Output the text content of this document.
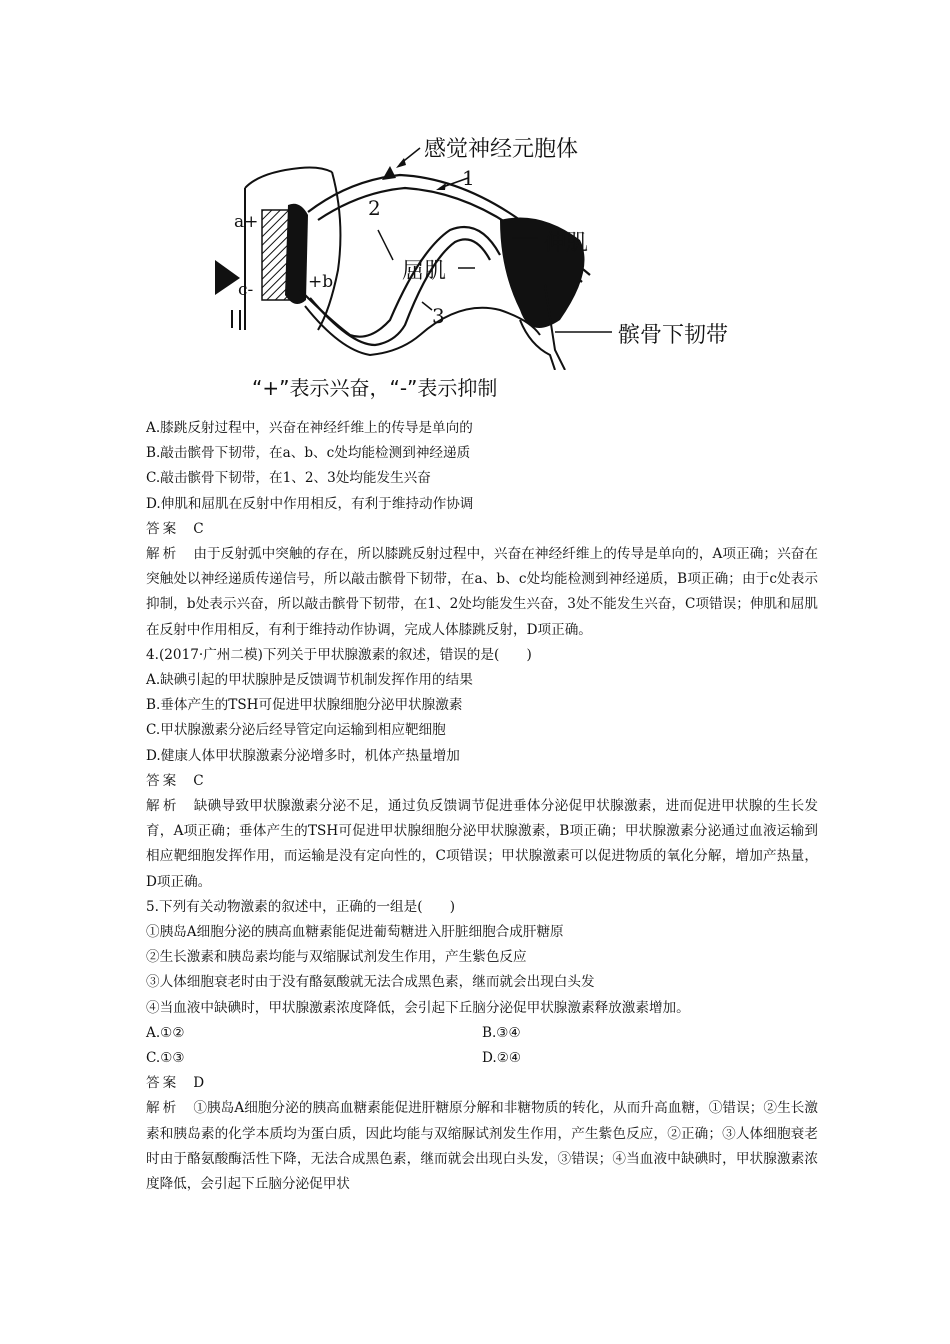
感觉神经元胞体
1
2
3
伸肌
屈肌
髌骨下韧带
a+
+b
c-
“+”表示兴奋，“-”表示抑制
A.膝跳反射过程中，兴奋在神经纤维上的传导是单向的
B.敲击髌骨下韧带，在a、b、c处均能检测到神经递质
C.敲击髌骨下韧带，在1、2、3处均能发生兴奋
D.伸肌和屈肌在反射中作用相反，有利于维持动作协调
答案 C
解析 由于反射弧中突触的存在，所以膝跳反射过程中，兴奋在神经纤维上的传导是单向的，A项正确；兴奋在突触处以神经递质传递信号，所以敲击髌骨下韧带，在a、b、c处均能检测到神经递质，B项正确；由于c处表示抑制，b处表示兴奋，所以敲击髌骨下韧带，在1、2处均能发生兴奋，3处不能发生兴奋，C项错误；伸肌和屈肌在反射中作用相反，有利于维持动作协调，完成人体膝跳反射，D项正确。
4.(2017·广州二模)下列关于甲状腺激素的叙述，错误的是(　　)
A.缺碘引起的甲状腺肿是反馈调节机制发挥作用的结果
B.垂体产生的TSH可促进甲状腺细胞分泌甲状腺激素
C.甲状腺激素分泌后经导管定向运输到相应靶细胞
D.健康人体甲状腺激素分泌增多时，机体产热量增加
答案 C
解析 缺碘导致甲状腺激素分泌不足，通过负反馈调节促进垂体分泌促甲状腺激素，进而促进甲状腺的生长发育，A项正确；垂体产生的TSH可促进甲状腺细胞分泌甲状腺激素，B项正确；甲状腺激素分泌通过血液运输到相应靶细胞发挥作用，而运输是没有定向性的，C项错误；甲状腺激素可以促进物质的氧化分解，增加产热量，D项正确。
5.下列有关动物激素的叙述中，正确的一组是(　　)
①胰岛A细胞分泌的胰高血糖素能促进葡萄糖进入肝脏细胞合成肝糖原
②生长激素和胰岛素均能与双缩脲试剂发生作用，产生紫色反应
③人体细胞衰老时由于没有酪氨酸就无法合成黑色素，继而就会出现白头发
④当血液中缺碘时，甲状腺激素浓度降低，会引起下丘脑分泌促甲状腺激素释放激素增加。
A.①②	B.③④
C.①③	D.②④
答案 D
解析 ①胰岛A细胞分泌的胰高血糖素能促进肝糖原分解和非糖物质的转化，从而升高血糖，①错误；②生长激素和胰岛素的化学本质均为蛋白质，因此均能与双缩脲试剂发生作用，产生紫色反应，②正确；③人体细胞衰老时由于酪氨酸酶活性下降，无法合成黑色素，继而就会出现白头发，③错误；④当血液中缺碘时，甲状腺激素浓度降低，会引起下丘脑分泌促甲状
